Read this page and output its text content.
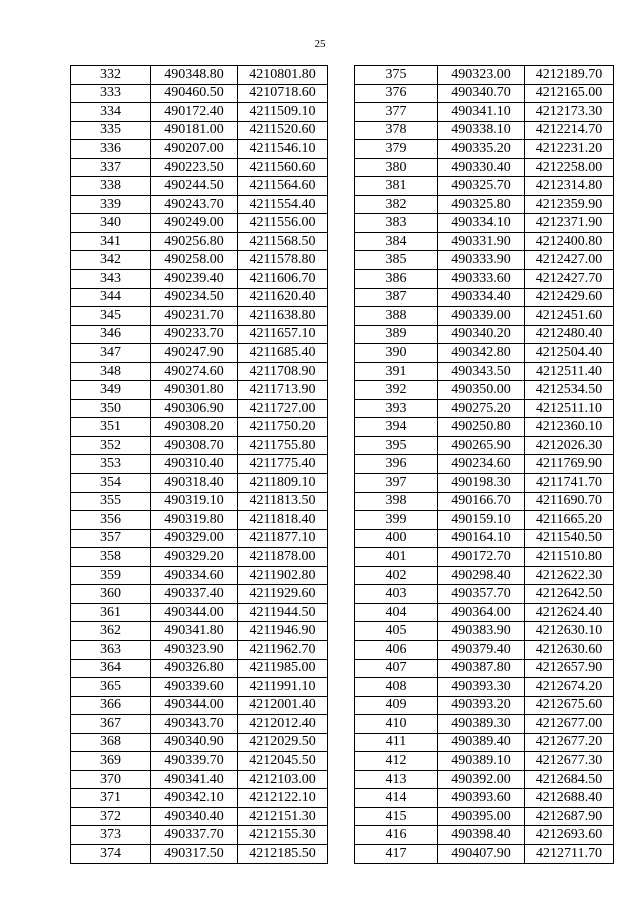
25
332	490348.80	4210801.80
333	490460.50	4210718.60
334	490172.40	4211509.10
335	490181.00	4211520.60
336	490207.00	4211546.10
337	490223.50	4211560.60
338	490244.50	4211564.60
339	490243.70	4211554.40
340	490249.00	4211556.00
341	490256.80	4211568.50
342	490258.00	4211578.80
343	490239.40	4211606.70
344	490234.50	4211620.40
345	490231.70	4211638.80
346	490233.70	4211657.10
347	490247.90	4211685.40
348	490274.60	4211708.90
349	490301.80	4211713.90
350	490306.90	4211727.00
351	490308.20	4211750.20
352	490308.70	4211755.80
353	490310.40	4211775.40
354	490318.40	4211809.10
355	490319.10	4211813.50
356	490319.80	4211818.40
357	490329.00	4211877.10
358	490329.20	4211878.00
359	490334.60	4211902.80
360	490337.40	4211929.60
361	490344.00	4211944.50
362	490341.80	4211946.90
363	490323.90	4211962.70
364	490326.80	4211985.00
365	490339.60	4211991.10
366	490344.00	4212001.40
367	490343.70	4212012.40
368	490340.90	4212029.50
369	490339.70	4212045.50
370	490341.40	4212103.00
371	490342.10	4212122.10
372	490340.40	4212151.30
373	490337.70	4212155.30
374	490317.50	4212185.50
375	490323.00	4212189.70
376	490340.70	4212165.00
377	490341.10	4212173.30
378	490338.10	4212214.70
379	490335.20	4212231.20
380	490330.40	4212258.00
381	490325.70	4212314.80
382	490325.80	4212359.90
383	490334.10	4212371.90
384	490331.90	4212400.80
385	490333.90	4212427.00
386	490333.60	4212427.70
387	490334.40	4212429.60
388	490339.00	4212451.60
389	490340.20	4212480.40
390	490342.80	4212504.40
391	490343.50	4212511.40
392	490350.00	4212534.50
393	490275.20	4212511.10
394	490250.80	4212360.10
395	490265.90	4212026.30
396	490234.60	4211769.90
397	490198.30	4211741.70
398	490166.70	4211690.70
399	490159.10	4211665.20
400	490164.10	4211540.50
401	490172.70	4211510.80
402	490298.40	4212622.30
403	490357.70	4212642.50
404	490364.00	4212624.40
405	490383.90	4212630.10
406	490379.40	4212630.60
407	490387.80	4212657.90
408	490393.30	4212674.20
409	490393.20	4212675.60
410	490389.30	4212677.00
411	490389.40	4212677.20
412	490389.10	4212677.30
413	490392.00	4212684.50
414	490393.60	4212688.40
415	490395.00	4212687.90
416	490398.40	4212693.60
417	490407.90	4212711.70
